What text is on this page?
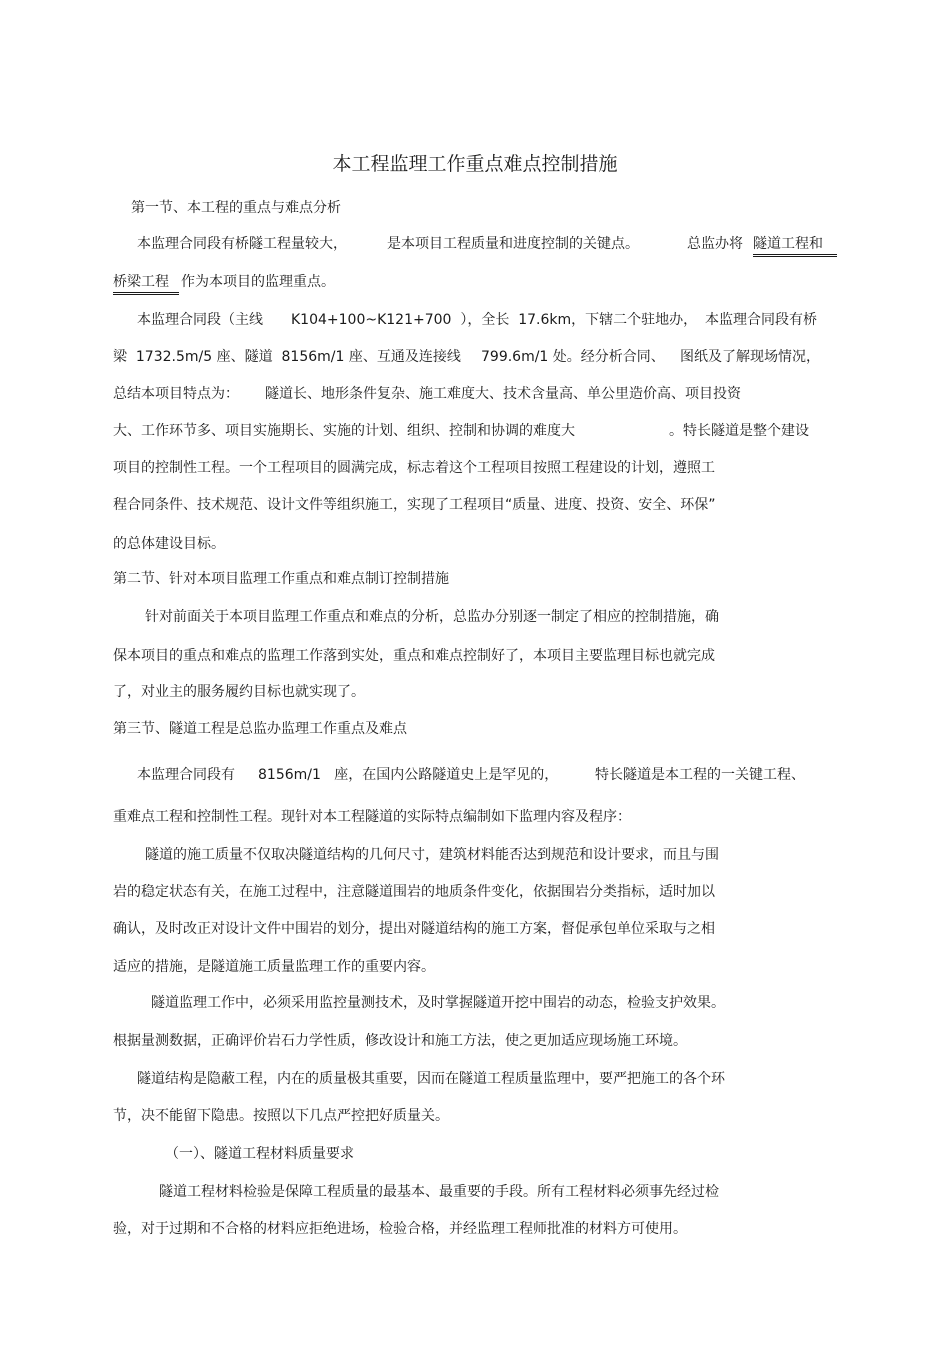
本工程监理工作重点难点控制措施
第一节、本工程的重点与难点分析
本监理合同段有桥隧工程量较大，	是本项目工程质量和进度控制的关键点。	总监办将 隧道工程和
桥梁工程 作为本项目的监理重点。
本监理合同段（主线 K104+100~K121+700  ），全长  17.6km，下辖二个驻地办， 本监理合同段有桥
梁  1732.5m/5 座、隧道  8156m/1 座、互通及连接线 799.6m/1 处。经分析合同、 图纸及了解现场情况，
总结本项目特点为： 隧道长、地形条件复杂、施工难度大、技术含量高、单公里造价高、项目投资
大、工作环节多、项目实施期长、实施的计划、组织、控制和协调的难度大	。特长隧道是整个建设
项目的控制性工程。一个工程项目的圆满完成，标志着这个工程项目按照工程建设的计划，遵照工
程合同条件、技术规范、设计文件等组织施工，实现了工程项目“质量、进度、投资、安全、环保”
的总体建设目标。
第二节、针对本项目监理工作重点和难点制订控制措施
针对前面关于本项目监理工作重点和难点的分析，总监办分别逐一制定了相应的控制措施，确
保本项目的重点和难点的监理工作落到实处，重点和难点控制好了，本项目主要监理目标也就完成
了，对业主的服务履约目标也就实现了。
第三节、隧道工程是总监办监理工作重点及难点
本监理合同段有 8156m/1   座，在国内公路隧道史上是罕见的，	特长隧道是本工程的一关键工程、
重难点工程和控制性工程。现针对本工程隧道的实际特点编制如下监理内容及程序：
隧道的施工质量不仅取决隧道结构的几何尺寸，建筑材料能否达到规范和设计要求，而且与围
岩的稳定状态有关，在施工过程中，注意隧道围岩的地质条件变化，依据围岩分类指标，适时加以
确认，及时改正对设计文件中围岩的划分，提出对隧道结构的施工方案，督促承包单位采取与之相
适应的措施，是隧道施工质量监理工作的重要内容。
隧道监理工作中，必须采用监控量测技术，及时掌握隧道开挖中围岩的动态，检验支护效果。
根据量测数据，正确评价岩石力学性质，修改设计和施工方法，使之更加适应现场施工环境。
隧道结构是隐蔽工程，内在的质量极其重要，因而在隧道工程质量监理中，要严把施工的各个环
节，决不能留下隐患。按照以下几点严控把好质量关。
（一）、隧道工程材料质量要求
隧道工程材料检验是保障工程质量的最基本、最重要的手段。所有工程材料必须事先经过检
验，对于过期和不合格的材料应拒绝进场，检验合格，并经监理工程师批准的材料方可使用。
